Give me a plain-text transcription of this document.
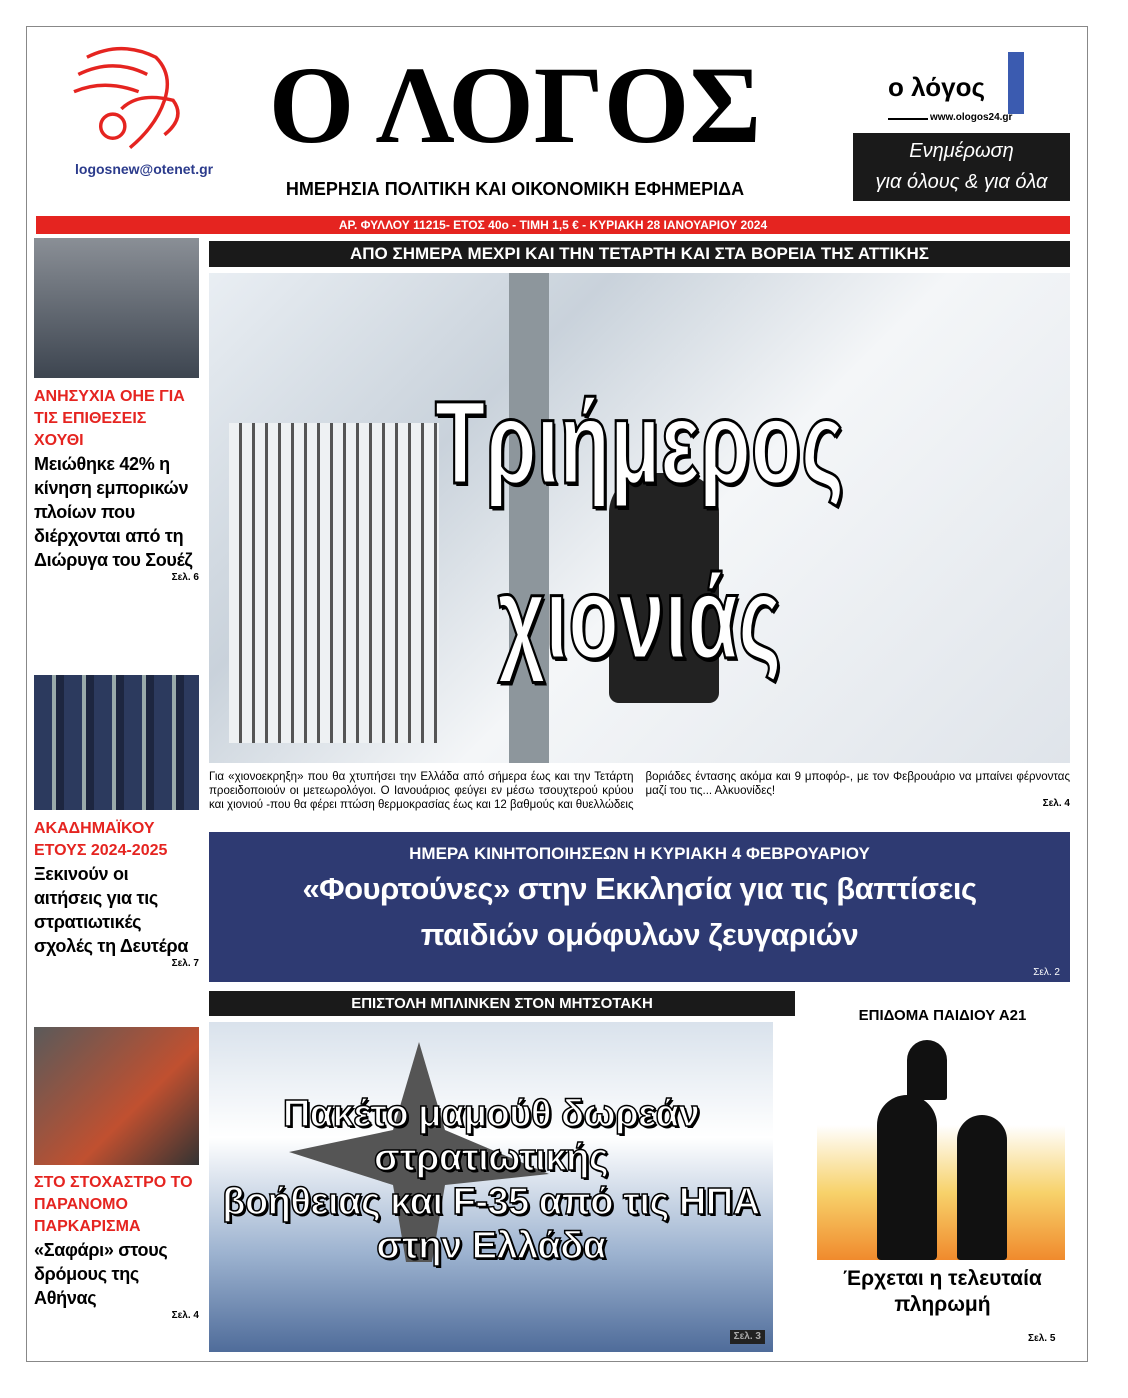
logosnew@otenet.gr
Ο ΛΟΓΟΣ
ΗΜΕΡΗΣΙΑ ΠΟΛΙΤΙΚΗ ΚΑΙ ΟΙΚΟΝΟΜΙΚΗ ΕΦΗΜΕΡΙΔΑ
ο λόγος
www.ologos24.gr
Ενημέρωση
για όλους & για όλα
ΑΡ. ΦΥΛΛΟΥ 11215- ΕΤΟΣ 40ο - ΤΙΜΗ 1,5 € - ΚΥΡΙΑΚΗ 28 ΙΑΝΟΥΑΡΙΟΥ 2024
ΑΝΗΣΥΧΙΑ ΟΗΕ ΓΙΑ ΤΙΣ ΕΠΙΘΕΣΕΙΣ ΧΟΥΘΙ
Μειώθηκε 42% η κίνηση εμπορικών πλοίων που διέρχονται από τη Διώρυγα του Σουέζ
Σελ. 6
ΑΚΑΔΗΜΑΪΚΟΥ ΕΤΟΥΣ 2024-2025
Ξεκινούν οι αιτήσεις για τις στρατιωτικές σχολές τη Δευτέρα
Σελ. 7
ΣΤΟ ΣΤΟΧΑΣΤΡΟ ΤΟ ΠΑΡΑΝΟΜΟ ΠΑΡΚΑΡΙΣΜΑ
«Σαφάρι» στους δρόμους της Αθήνας
Σελ. 4
ΑΠΟ ΣΗΜΕΡΑ ΜΕΧΡΙ ΚΑΙ ΤΗΝ ΤΕΤΑΡΤΗ ΚΑΙ ΣΤΑ ΒΟΡΕΙΑ ΤΗΣ ΑΤΤΙΚΗΣ
Τριήμερος
χιονιάς
Για «χιονοεκρηξη» που θα χτυπήσει την Ελλάδα από σήμερα έως και την Τετάρτη προειδοποιούν οι μετεωρολόγοι. Ο Ιανουάριος φεύγει εν μέσω τσουχτερού κρύου και χιονιού -που θα φέρει πτώση θερμοκρασίας έως και 12 βαθμούς και θυελλώδεις βοριάδες έντασης ακόμα και 9 μποφόρ-, με τον Φεβρουάριο να μπαίνει φέρνοντας μαζί του τις... Αλκυονίδες!
Σελ. 4
ΗΜΕΡΑ ΚΙΝΗΤΟΠΟΙΗΣΕΩΝ Η ΚΥΡΙΑΚΗ 4 ΦΕΒΡΟΥΑΡΙΟΥ
«Φουρτούνες» στην Εκκλησία για τις βαπτίσεις
παιδιών ομόφυλων ζευγαριών
Σελ. 2
ΕΠΙΣΤΟΛΗ ΜΠΛΙΝΚΕΝ ΣΤΟΝ ΜΗΤΣΟΤΑΚΗ
Πακέτο μαμούθ δωρεάν στρατιωτικής
βοήθειας και F-35 από τις ΗΠΑ
στην Ελλάδα
Σελ. 3
ΕΠΙΔΟΜΑ ΠΑΙΔΙΟΥ Α21
Έρχεται η τελευταία
πληρωμή
Σελ. 5
